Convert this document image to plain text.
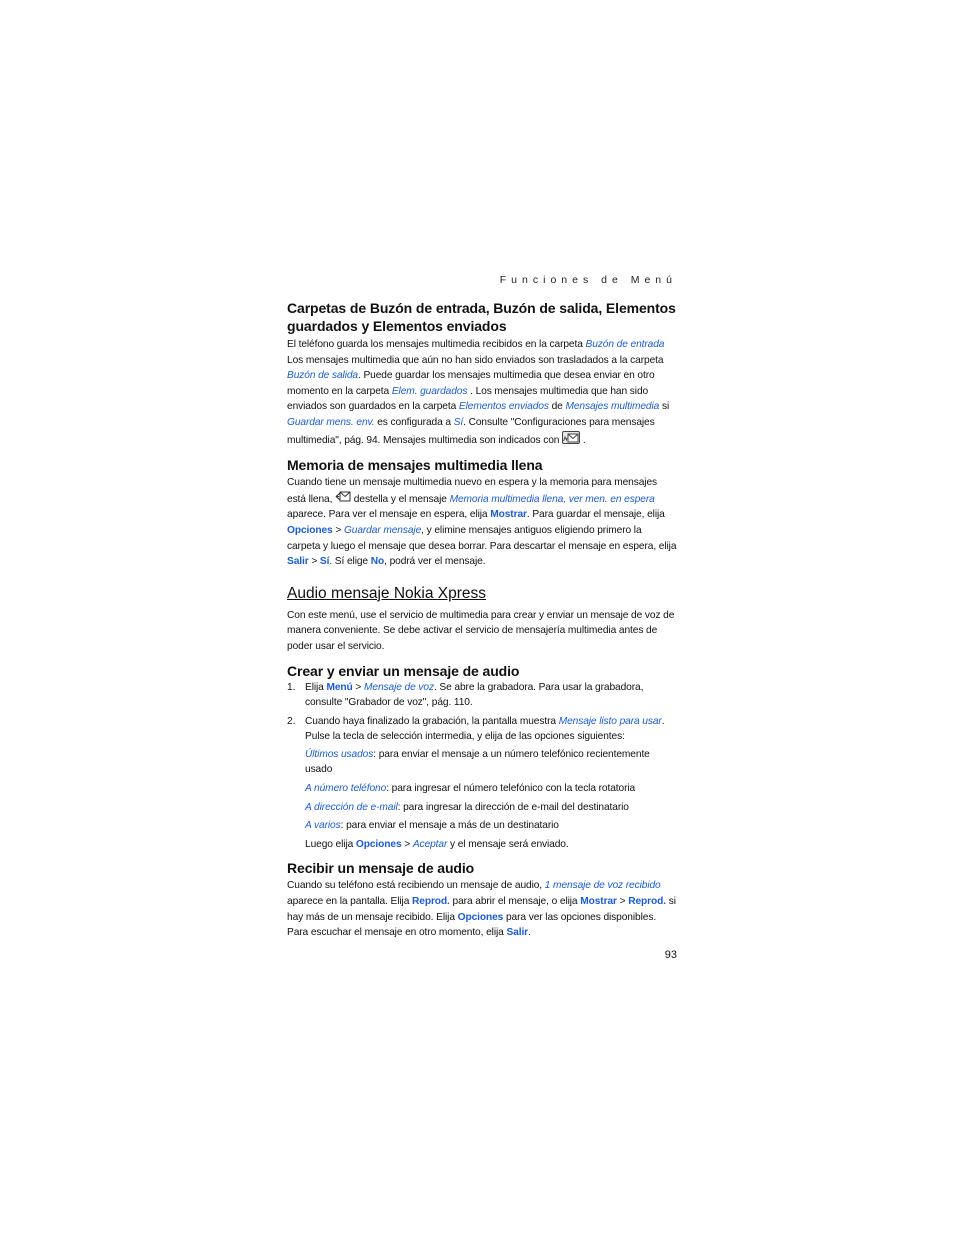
Funciones de Menú
Carpetas de Buzón de entrada, Buzón de salida, Elementos guardados y Elementos enviados

El teléfono guarda los mensajes multimedia recibidos en la carpeta Buzón de entrada Los mensajes multimedia que aún no han sido enviados son trasladados a la carpeta Buzón de salida. Puede guardar los mensajes multimedia que desea enviar en otro momento en la carpeta Elem. guardados . Los mensajes multimedia que han sido enviados son guardados en la carpeta Elementos enviados de Mensajes multimedia si Guardar mens. env. es configurada a Sí. Consulte "Configuraciones para mensajes multimedia", pág. 94. Mensajes multimedia son indicados con  .

Memoria de mensajes multimedia llena

Cuando tiene un mensaje multimedia nuevo en espera y la memoria para mensajes está llena,  destella y el mensaje Memoria multimedia llena, ver men. en espera aparece. Para ver el mensaje en espera, elija Mostrar. Para guardar el mensaje, elija Opciones > Guardar mensaje, y elimine mensajes antiguos eligiendo primero la carpeta y luego el mensaje que desea borrar. Para descartar el mensaje en espera, elija Salir > Sí. Sí elige No, podrá ver el mensaje.

Audio mensaje Nokia Xpress

Con este menú, use el servicio de multimedia para crear y enviar un mensaje de voz de manera conveniente. Se debe activar el servicio de mensajería multimedia antes de poder usar el servicio.

Crear y enviar un mensaje de audio
1. Elija Menú > Mensaje de voz. Se abre la grabadora. Para usar la grabadora, consulte "Grabador de voz", pág. 110.
2. Cuando haya finalizado la grabación, la pantalla muestra Mensaje listo para usar. Pulse la tecla de selección intermedia, y elija de las opciones siguientes:

Últimos usados: para enviar el mensaje a un número telefónico recientemente usado

A número teléfono: para ingresar el número telefónico con la tecla rotatoria

A dirección de e-mail: para ingresar la dirección de e-mail del destinatario

A varios: para enviar el mensaje a más de un destinatario

Luego elija Opciones > Aceptar y el mensaje será enviado.

Recibir un mensaje de audio

Cuando su teléfono está recibiendo un mensaje de audio, 1 mensaje de voz recibido aparece en la pantalla. Elija Reprod. para abrir el mensaje, o elija Mostrar > Reprod. si hay más de un mensaje recibido. Elija Opciones para ver las opciones disponibles. Para escuchar el mensaje en otro momento, elija Salir.

93
